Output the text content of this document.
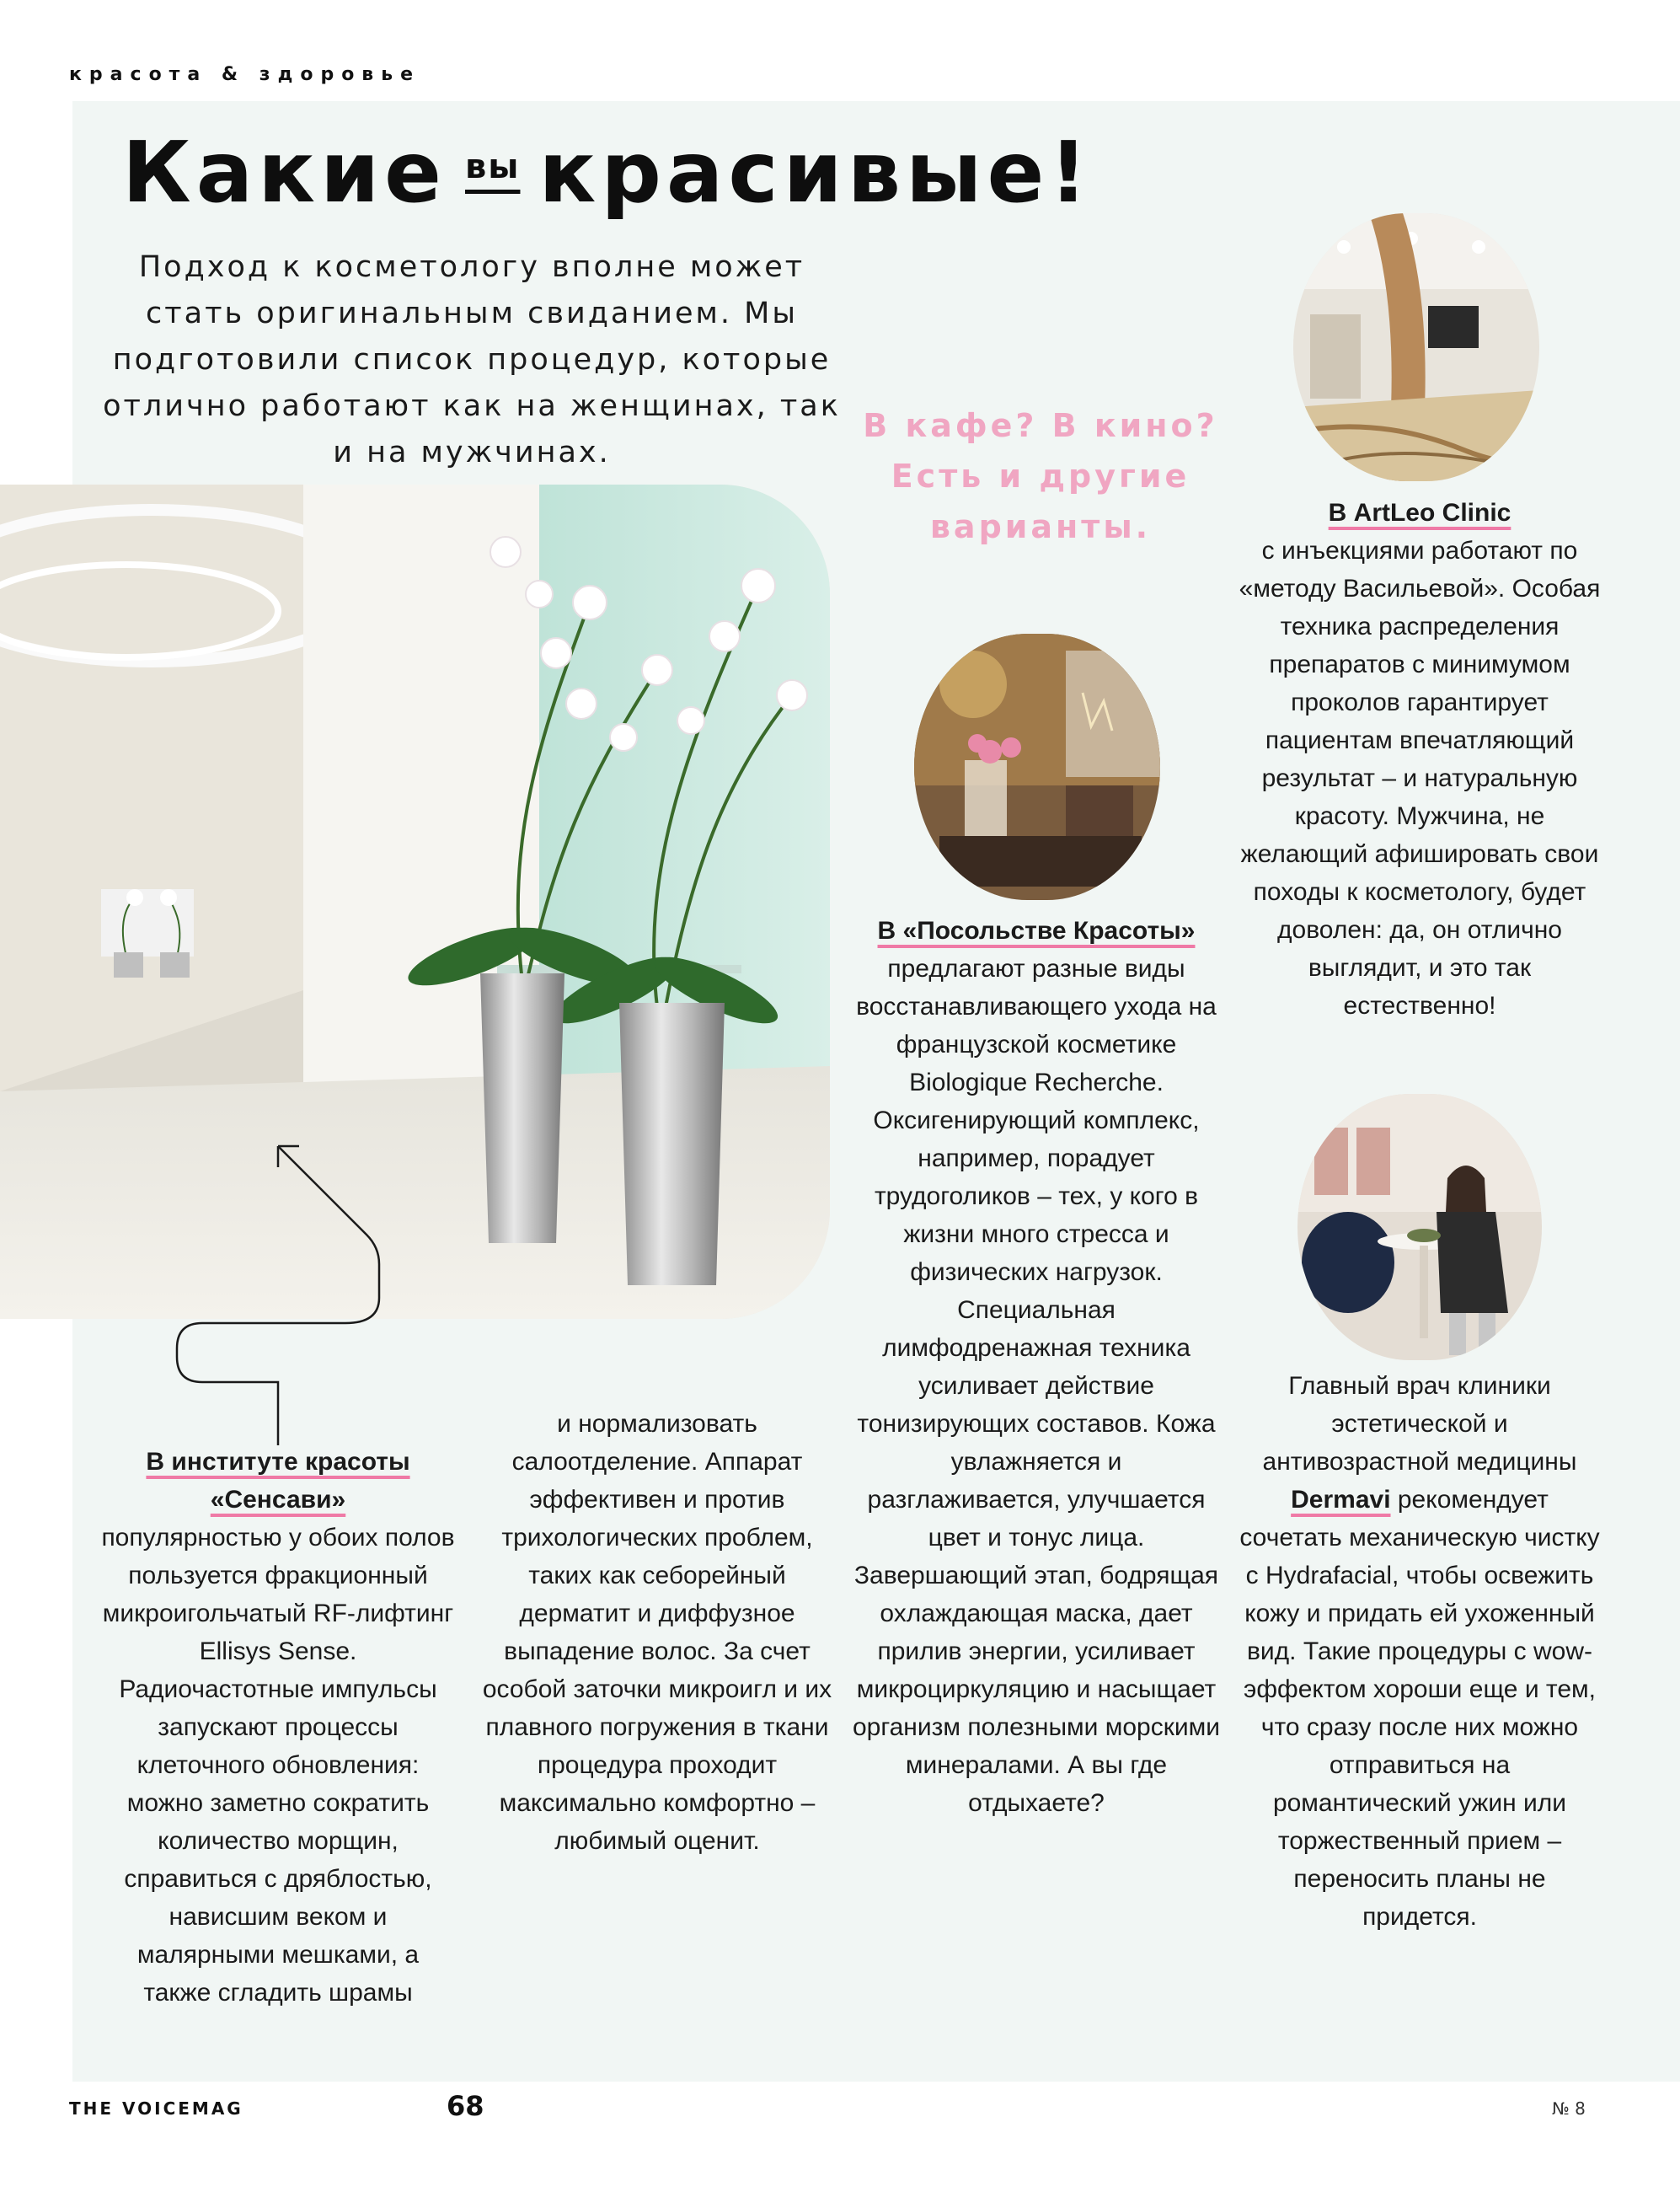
красота & здоровье
Какие $^{вы}$ красивые!
Подход к косметологу вполне может стать оригинальным свиданием. Мы подготовили список процедур, которые отлично работают как на женщинах, так и на мужчинах.
В кафе? В кино?
Есть и другие
варианты.

В институте красоты

«Сенсави»

популярностью у обоих полов пользуется фракционный микроигольчатый RF-лифтинг Ellisys Sense. Радиочастотные импульсы запускают процессы клеточного обновления: можно заметно сократить количество морщин, справиться с дряблостью, нависшим веком и малярными мешками, а также сгладить шрамы

и нормализовать салоотделение. Аппарат эффективен и против трихологических проблем, таких как себорейный дерматит и диффузное выпадение волос. За счет особой заточки микроигл и их плавного погружения в ткани процедура проходит максимально комфортно – любимый оценит.

В «Посольстве Красоты»

предлагают разные виды восстанавливающего ухода на французской косметике Biologique Recherche. Оксигенирующий комплекс, например, порадует трудоголиков – тех, у кого в жизни много стресса и физических нагрузок. Специальная лимфодренажная техника усиливает действие тонизирующих составов. Кожа увлажняется и разглаживается, улучшается цвет и тонус лица. Завершающий этап, бодрящая охлаждающая маска, дает прилив энергии, усиливает микроциркуляцию и насыщает организм полезными морскими минералами. А вы где отдыхаете?

В ArtLeo Clinic

с инъекциями работают по «методу Васильевой». Особая техника распределения препаратов с минимумом проколов гарантирует пациентам впечатляющий результат – и натуральную красоту. Мужчина, не желающий афишировать свои походы к косметологу, будет доволен: да, он отлично выглядит, и это так естественно!

Главный врач клиники эстетической и антивозрастной медицины Dermavi рекомендует сочетать механическую чистку с Hydrafacial, чтобы освежить кожу и придать ей ухоженный вид. Такие процедуры с wow-эффектом хороши еще и тем, что сразу после них можно отправиться на романтический ужин или торжественный прием – переносить планы не придется.

THE VOICEMAG	68	№ 8
